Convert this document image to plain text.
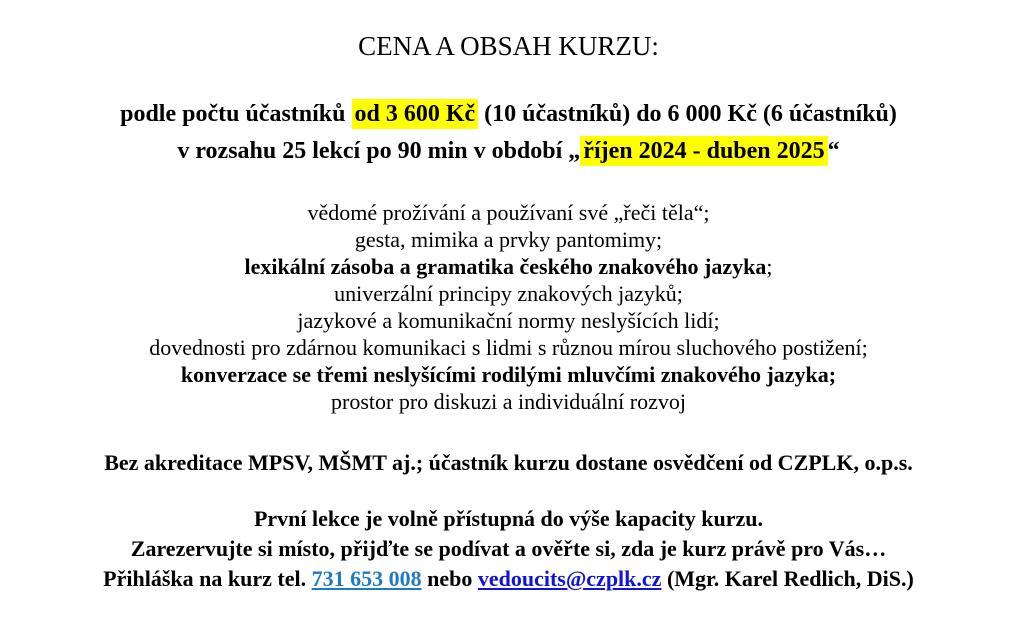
CENA A OBSAH KURZU:

podle počtu účastníků od 3 600 Kč (10 účastníků) do 6 000 Kč (6 účastníků)

v rozsahu 25 lekcí po 90 min v období „ říjen 2024 - duben 2025 “

vědomé prožívání a používaní své „řeči těla“;

gesta, mimika a prvky pantomimy;

lexikální zásoba a gramatika českého znakového jazyka;

univerzální principy znakových jazyků;

jazykové a komunikační normy neslyšících lidí;

dovednosti pro zdárnou komunikaci s lidmi s různou mírou sluchového postižení;

konverzace se třemi neslyšícími rodilými mluvčími znakového jazyka;

prostor pro diskuzi a individuální rozvoj

Bez akreditace MPSV, MŠMT aj.; účastník kurzu dostane osvědčení od CZPLK, o.p.s.

První lekce je volně přístupná do výše kapacity kurzu.

Zarezervujte si místo, přijďte se podívat a ověřte si, zda je kurz právě pro Vás…

Přihláška na kurz tel. 731 653 008 nebo vedoucits@czplk.cz (Mgr. Karel Redlich, DiS.)
